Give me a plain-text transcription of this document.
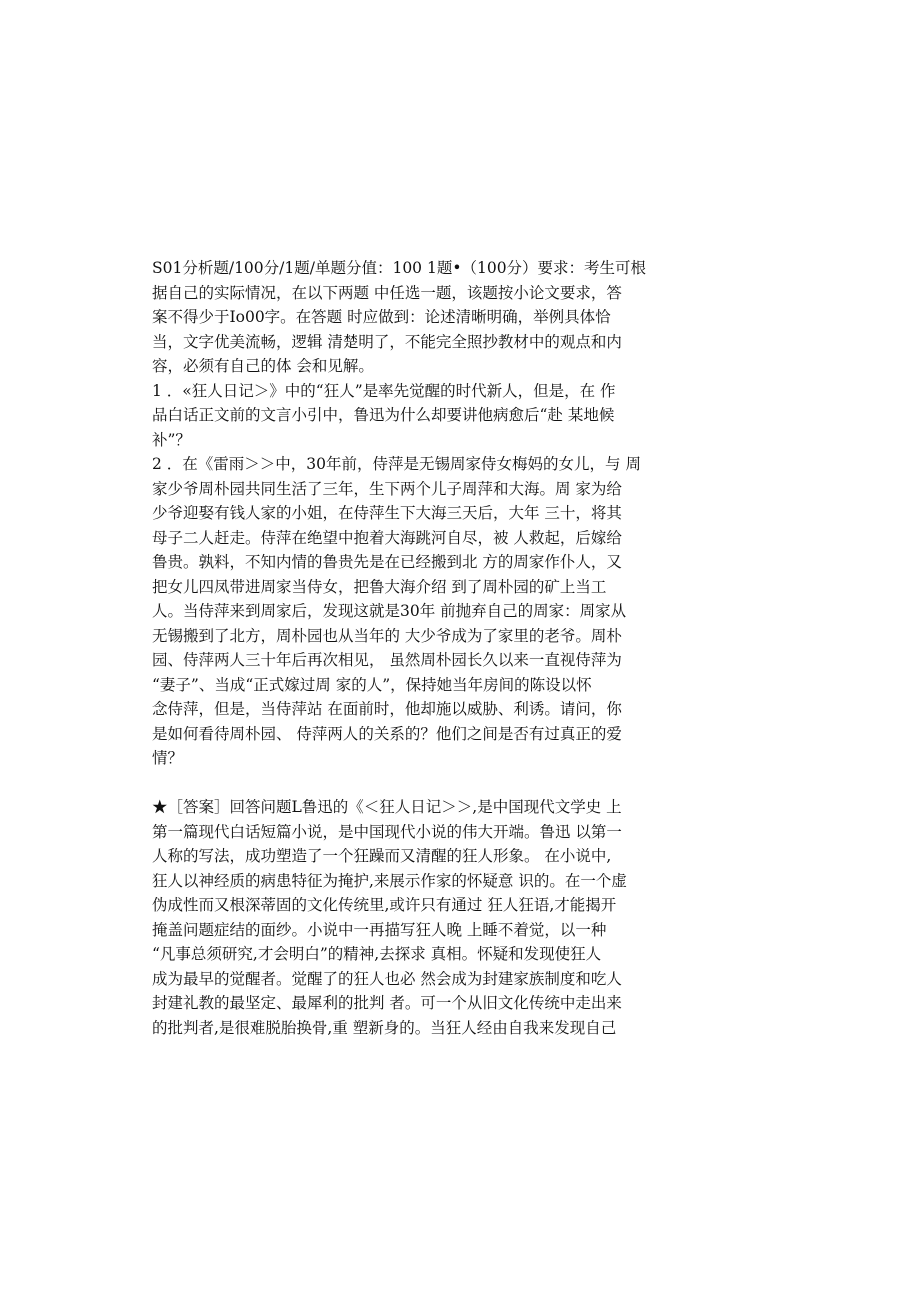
S01分析题/100分/1题/单题分值：100 1题•（100分）要求：考生可根
据自己的实际情况，在以下两题 中任选一题，该题按小论文要求，答
案不得少于Io00字。在答题 时应做到：论述清晰明确，举例具体恰
当，文字优美流畅，逻辑 清楚明了，不能完全照抄教材中的观点和内
容，必须有自己的体 会和见解。
1 ．«狂人日记＞》中的“狂人”是率先觉醒的时代新人，但是，在 作
品白话正文前的文言小引中，鲁迅为什么却要讲他病愈后“赴 某地候
补”？
2 ．在《雷雨＞＞中，30年前，侍萍是无锡周家侍女梅妈的女儿，与 周
家少爷周朴园共同生活了三年，生下两个儿子周萍和大海。周 家为给
少爷迎娶有钱人家的小姐，在侍萍生下大海三天后，大年 三十，将其
母子二人赶走。侍萍在绝望中抱着大海跳河自尽，被 人救起，后嫁给
鲁贵。孰料，不知内情的鲁贵先是在已经搬到北 方的周家作仆人，又
把女儿四凤带进周家当侍女，把鲁大海介绍 到了周朴园的矿上当工
人。当侍萍来到周家后，发现这就是30年 前抛弃自己的周家：周家从
无锡搬到了北方，周朴园也从当年的 大少爷成为了家里的老爷。周朴
园、侍萍两人三十年后再次相见， 虽然周朴园长久以来一直视侍萍为
“妻子”、当成“正式嫁过周 家的人”，保持她当年房间的陈设以怀
念侍萍，但是，当侍萍站 在面前时，他却施以威胁、利诱。请问，你
是如何看待周朴园、 侍萍两人的关系的？他们之间是否有过真正的爱
情？
★［答案］回答问题L鲁迅的《＜狂人日记＞＞,是中国现代文学史 上
第一篇现代白话短篇小说，是中国现代小说的伟大开端。鲁迅 以第一
人称的写法，成功塑造了一个狂躁而又清醒的狂人形象。 在小说中,
狂人以神经质的病患特征为掩护,来展示作家的怀疑意 识的。在一个虚
伪成性而又根深蒂固的文化传统里,或许只有通过 狂人狂语,才能揭开
掩盖问题症结的面纱。小说中一再描写狂人晚 上睡不着觉，以一种
“凡事总须研究,才会明白”的精神,去探求 真相。怀疑和发现使狂人
成为最早的觉醒者。觉醒了的狂人也必 然会成为封建家族制度和吃人
封建礼教的最坚定、最犀利的批判 者。可一个从旧文化传统中走出来
的批判者,是很难脱胎换骨,重 塑新身的。当狂人经由自我来发现自己
